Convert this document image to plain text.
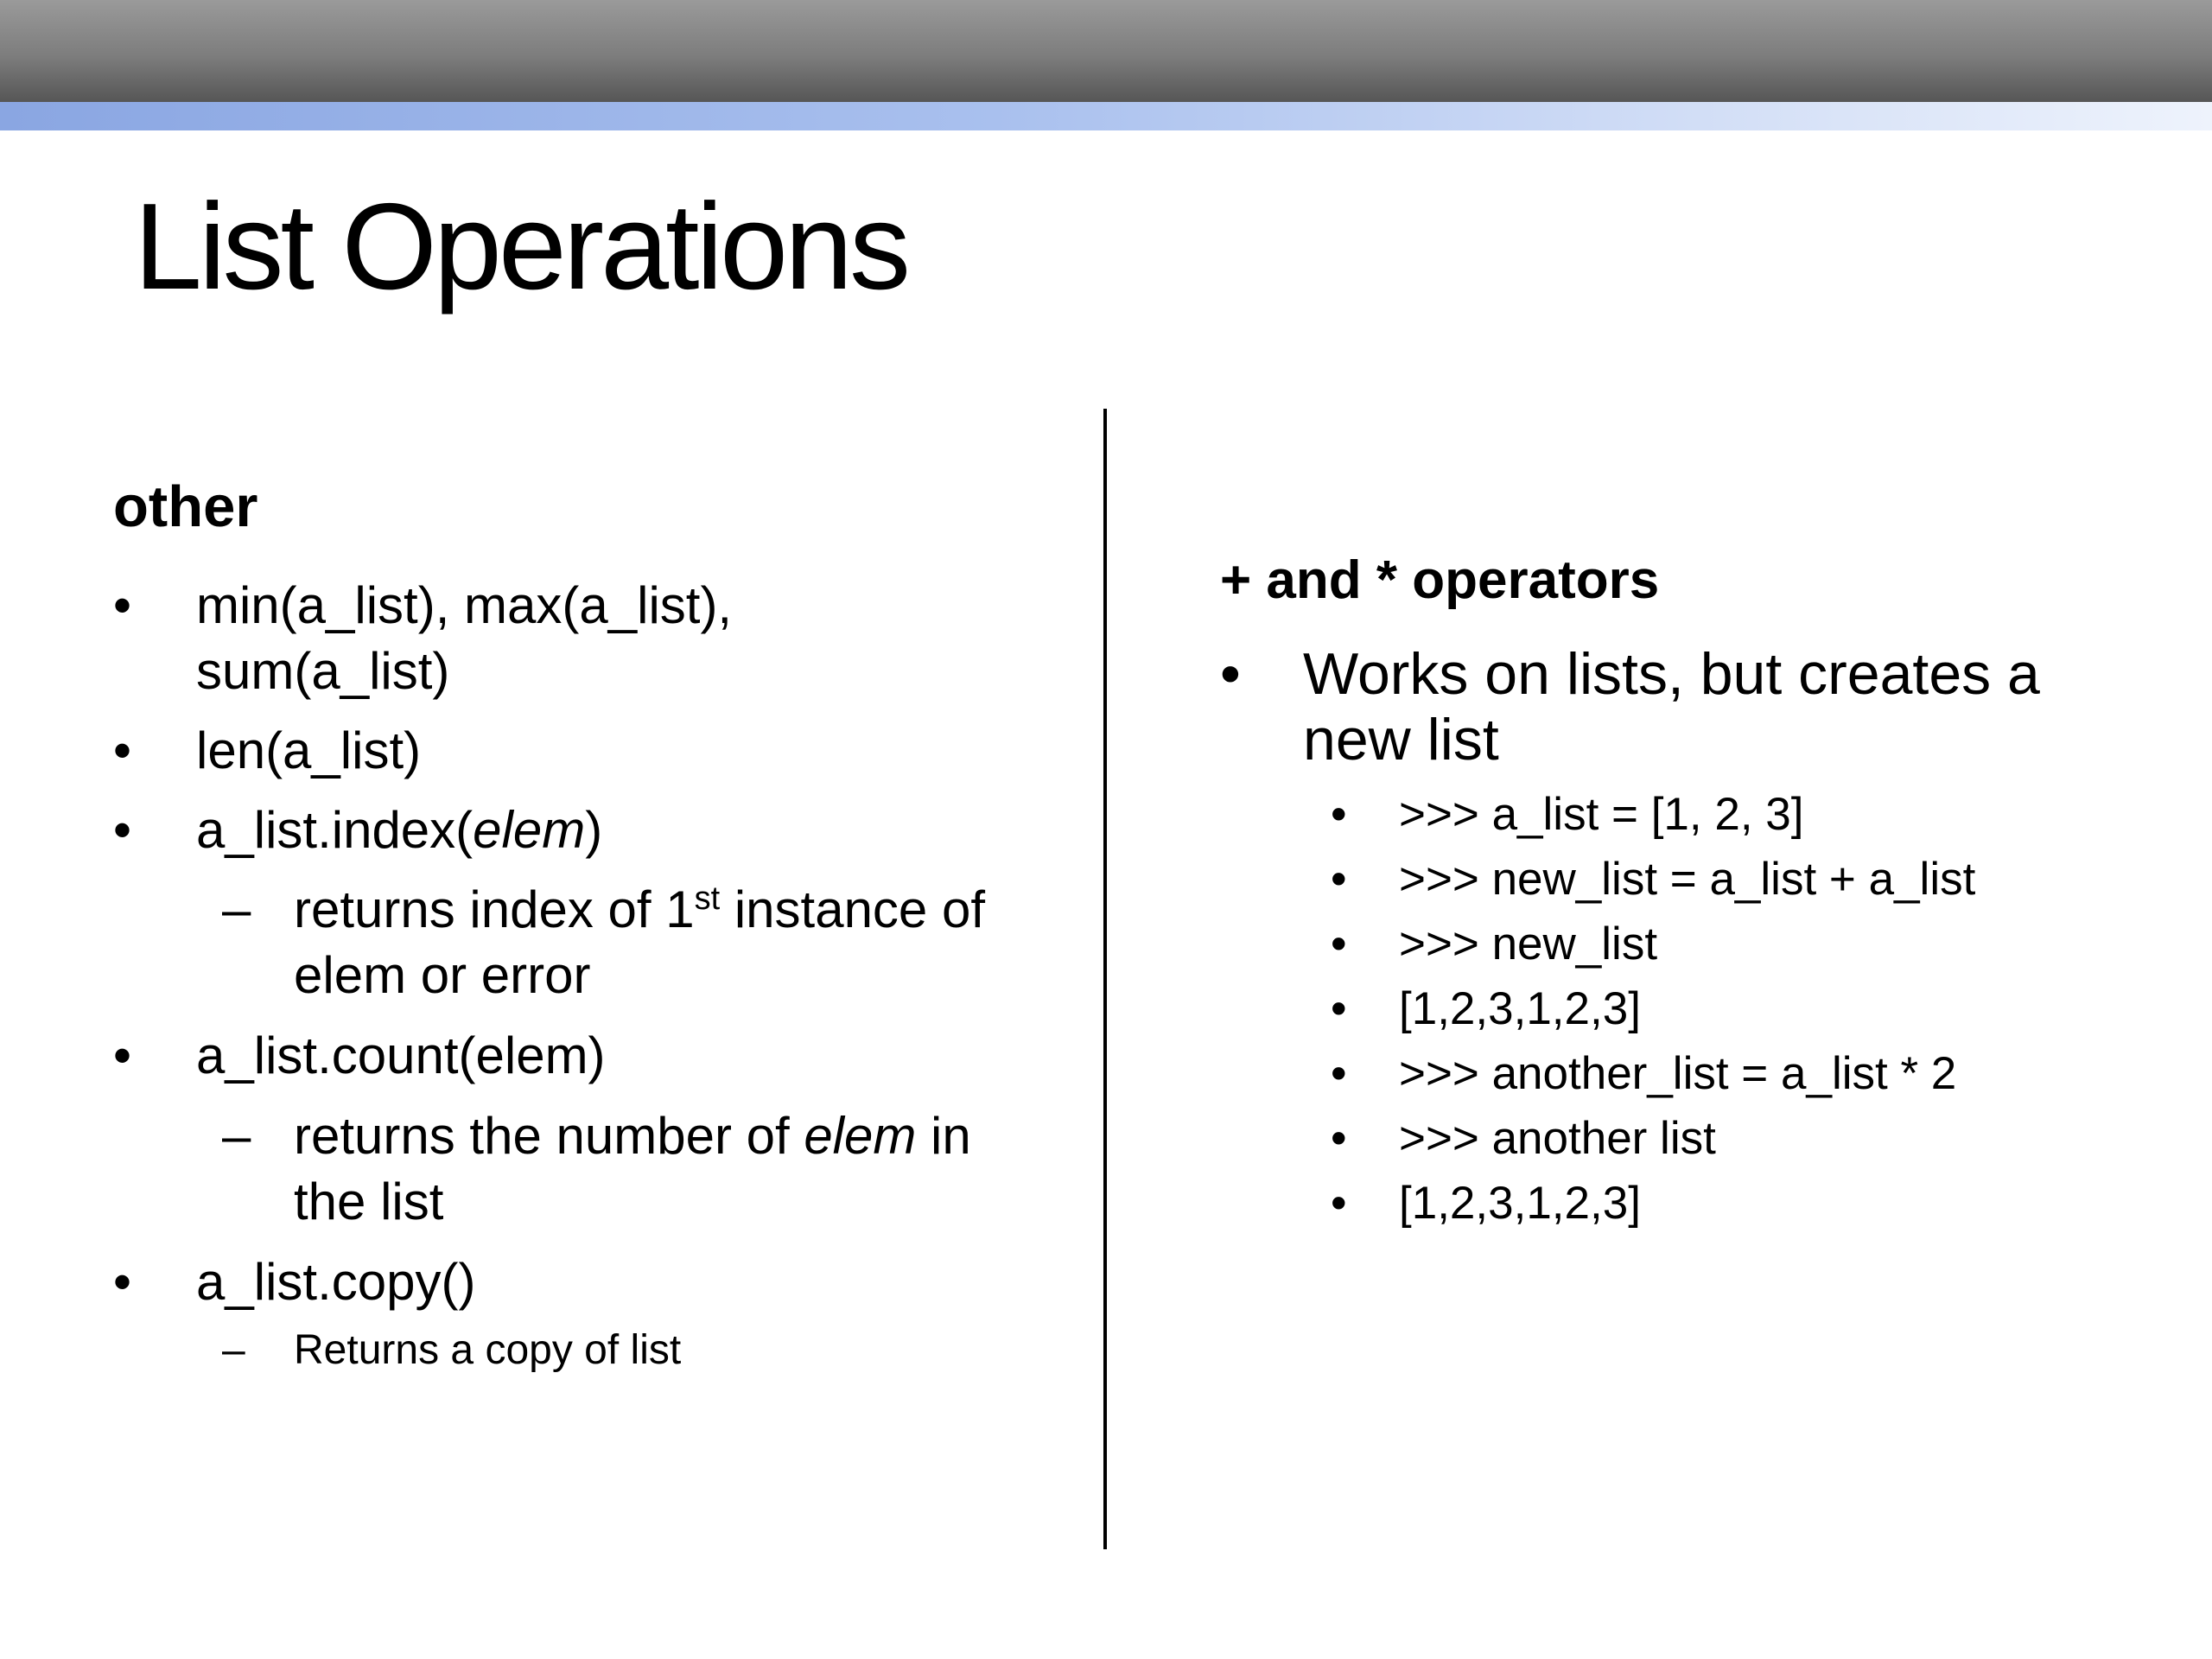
List Operations
other
• min(a_list), max(a_list),
sum(a_list)
• len(a_list)
• a_list.index(elem)
– returns index of 1st instance of
elem or error
• a_list.count(elem)
– returns the number of elem in
the list
• a_list.copy()
– Returns a copy of list
+ and * operators
• Works on lists, but creates a
new list
• >>> a_list = [1, 2, 3]
• >>> new_list = a_list + a_list
• >>> new_list
• [1,2,3,1,2,3]
• >>> another_list = a_list * 2
• >>> another list
• [1,2,3,1,2,3]
